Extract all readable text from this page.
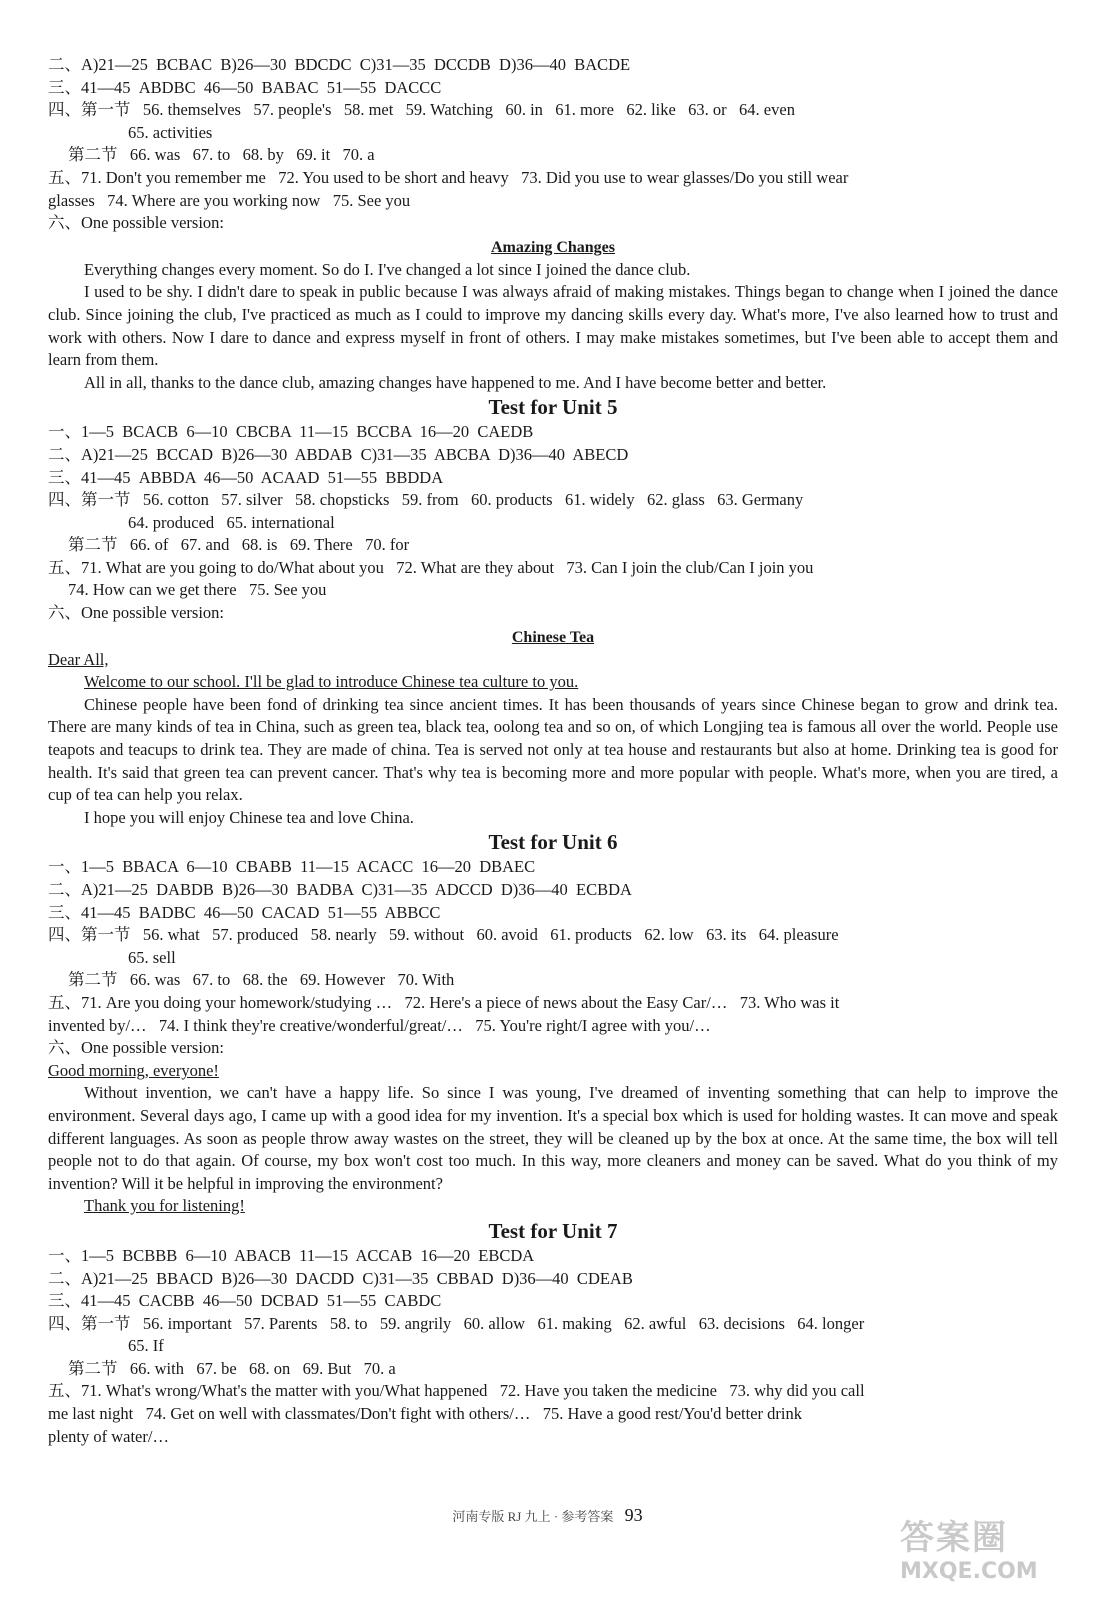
二、A)21—25  BCBAC  B)26—30  BDCDC  C)31—35  DCCDB  D)36—40  BACDE
三、41—45  ABDBC  46—50  BABAC  51—55  DACCC
四、第一节   56. themselves   57. people's   58. met   59. Watching   60. in   61. more   62. like   63. or   64. even
65. activities
第二节   66. was   67. to   68. by   69. it   70. a
五、71. Don't you remember me   72. You used to be short and heavy   73. Did you use to wear glasses/Do you still wear
glasses   74. Where are you working now   75. See you
六、One possible version:
Amazing Changes
Everything changes every moment. So do I. I've changed a lot since I joined the dance club.
I used to be shy. I didn't dare to speak in public because I was always afraid of making mistakes. Things began to change when I joined the dance club. Since joining the club, I've practiced as much as I could to improve my dancing skills every day. What's more, I've also learned how to trust and work with others. Now I dare to dance and express myself in front of others. I may make mistakes sometimes, but I've been able to accept them and learn from them.
All in all, thanks to the dance club, amazing changes have happened to me. And I have become better and better.
Test for Unit 5
一、1—5  BCACB  6—10  CBCBA  11—15  BCCBA  16—20  CAEDB
二、A)21—25  BCCAD  B)26—30  ABDAB  C)31—35  ABCBA  D)36—40  ABECD
三、41—45  ABBDA  46—50  ACAAD  51—55  BBDDA
四、第一节   56. cotton   57. silver   58. chopsticks   59. from   60. products   61. widely   62. glass   63. Germany
64. produced   65. international
第二节   66. of   67. and   68. is   69. There   70. for
五、71. What are you going to do/What about you   72. What are they about   73. Can I join the club/Can I join you
74. How can we get there   75. See you
六、One possible version:
Chinese Tea
Dear All,
Welcome to our school. I'll be glad to introduce Chinese tea culture to you.
Chinese people have been fond of drinking tea since ancient times. It has been thousands of years since Chinese began to grow and drink tea. There are many kinds of tea in China, such as green tea, black tea, oolong tea and so on, of which Longjing tea is famous all over the world. People use teapots and teacups to drink tea. They are made of china. Tea is served not only at tea house and restaurants but also at home. Drinking tea is good for health. It's said that green tea can prevent cancer. That's why tea is becoming more and more popular with people. What's more, when you are tired, a cup of tea can help you relax.
I hope you will enjoy Chinese tea and love China.
Test for Unit 6
一、1—5  BBACA  6—10  CBABB  11—15  ACACC  16—20  DBAEC
二、A)21—25  DABDB  B)26—30  BADBA  C)31—35  ADCCD  D)36—40  ECBDA
三、41—45  BADBC  46—50  CACAD  51—55  ABBCC
四、第一节   56. what   57. produced   58. nearly   59. without   60. avoid   61. products   62. low   63. its   64. pleasure
65. sell
第二节   66. was   67. to   68. the   69. However   70. With
五、71. Are you doing your homework/studying …   72. Here's a piece of news about the Easy Car/…   73. Who was it
invented by/…   74. I think they're creative/wonderful/great/…   75. You're right/I agree with you/…
六、One possible version:
Good morning, everyone!
Without invention, we can't have a happy life. So since I was young, I've dreamed of inventing something that can help to improve the environment. Several days ago, I came up with a good idea for my invention. It's a special box which is used for holding wastes. It can move and speak different languages. As soon as people throw away wastes on the street, they will be cleaned up by the box at once. At the same time, the box will tell people not to do that again. Of course, my box won't cost too much. In this way, more cleaners and money can be saved. What do you think of my invention? Will it be helpful in improving the environment?
Thank you for listening!
Test for Unit 7
一、1—5  BCBBB  6—10  ABACB  11—15  ACCAB  16—20  EBCDA
二、A)21—25  BBACD  B)26—30  DACDD  C)31—35  CBBAD  D)36—40  CDEAB
三、41—45  CACBB  46—50  DCBAD  51—55  CABDC
四、第一节   56. important   57. Parents   58. to   59. angrily   60. allow   61. making   62. awful   63. decisions   64. longer
65. If
第二节   66. with   67. be   68. on   69. But   70. a
五、71. What's wrong/What's the matter with you/What happened   72. Have you taken the medicine   73. why did you call
me last night   74. Get on well with classmates/Don't fight with others/…   75. Have a good rest/You'd better drink
plenty of water/…
河南专版 RJ 九上 · 参考答案 93
答案圈
MXQE.COM
